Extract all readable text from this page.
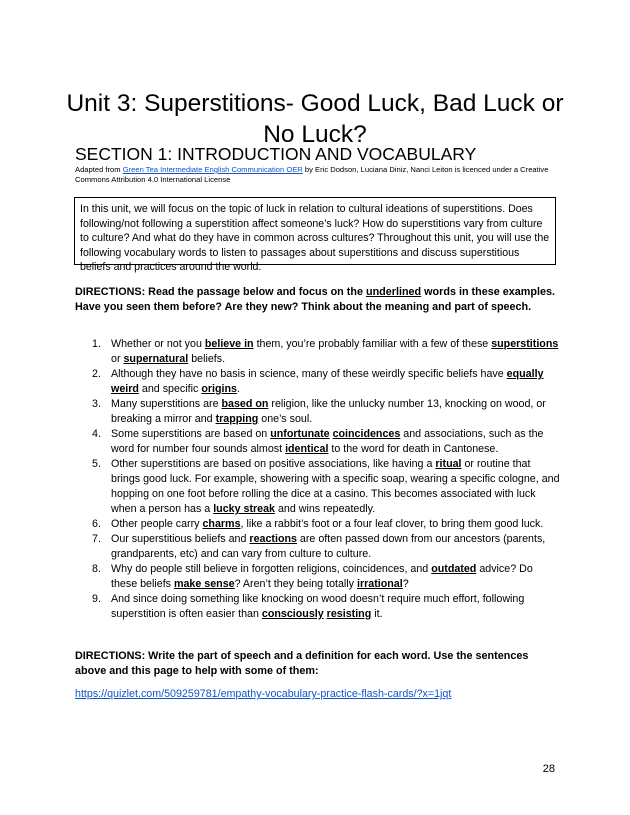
Unit 3: Superstitions- Good Luck, Bad Luck or No Luck?
SECTION 1: INTRODUCTION AND VOCABULARY
Adapted from Green Tea Intermediate English Communication OER by Eric Dodson, Luciana Diniz, Nanci Leiton is licenced under a Creative Commons Attribution 4.0 International License
In this unit, we will focus on the topic of luck in relation to cultural ideations of superstitions. Does following/not following a superstition affect someone’s luck? How do superstitions vary from culture to culture? And what do they have in common across cultures? Throughout this unit, you will use the following vocabulary words to listen to passages about superstitions and discuss superstitious beliefs and practices around the world.
DIRECTIONS: Read the passage below and focus on the underlined words in these examples. Have you seen them before? Are they new? Think about the meaning and part of speech.
1. Whether or not you believe in them, you’re probably familiar with a few of these superstitions or supernatural beliefs.
2. Although they have no basis in science, many of these weirdly specific beliefs have equally weird and specific origins.
3. Many superstitions are based on religion, like the unlucky number 13, knocking on wood, or breaking a mirror and trapping one’s soul.
4. Some superstitions are based on unfortunate coincidences and associations, such as the word for number four sounds almost identical to the word for death in Cantonese.
5. Other superstitions are based on positive associations, like having a ritual or routine that brings good luck. For example, showering with a specific soap, wearing a specific cologne, and hopping on one foot before rolling the dice at a casino. This becomes associated with luck when a person has a lucky streak and wins repeatedly.
6. Other people carry charms, like a rabbit’s foot or a four leaf clover, to bring them good luck.
7. Our superstitious beliefs and reactions are often passed down from our ancestors (parents, grandparents, etc) and can vary from culture to culture.
8. Why do people still believe in forgotten religions, coincidences, and outdated advice? Do these beliefs make sense? Aren’t they being totally irrational?
9. And since doing something like knocking on wood doesn’t require much effort, following superstition is often easier than consciously resisting it.
DIRECTIONS: Write the part of speech and a definition for each word. Use the sentences above and this page to help with some of them:
https://quizlet.com/509259781/empathy-vocabulary-practice-flash-cards/?x=1jqt
28
